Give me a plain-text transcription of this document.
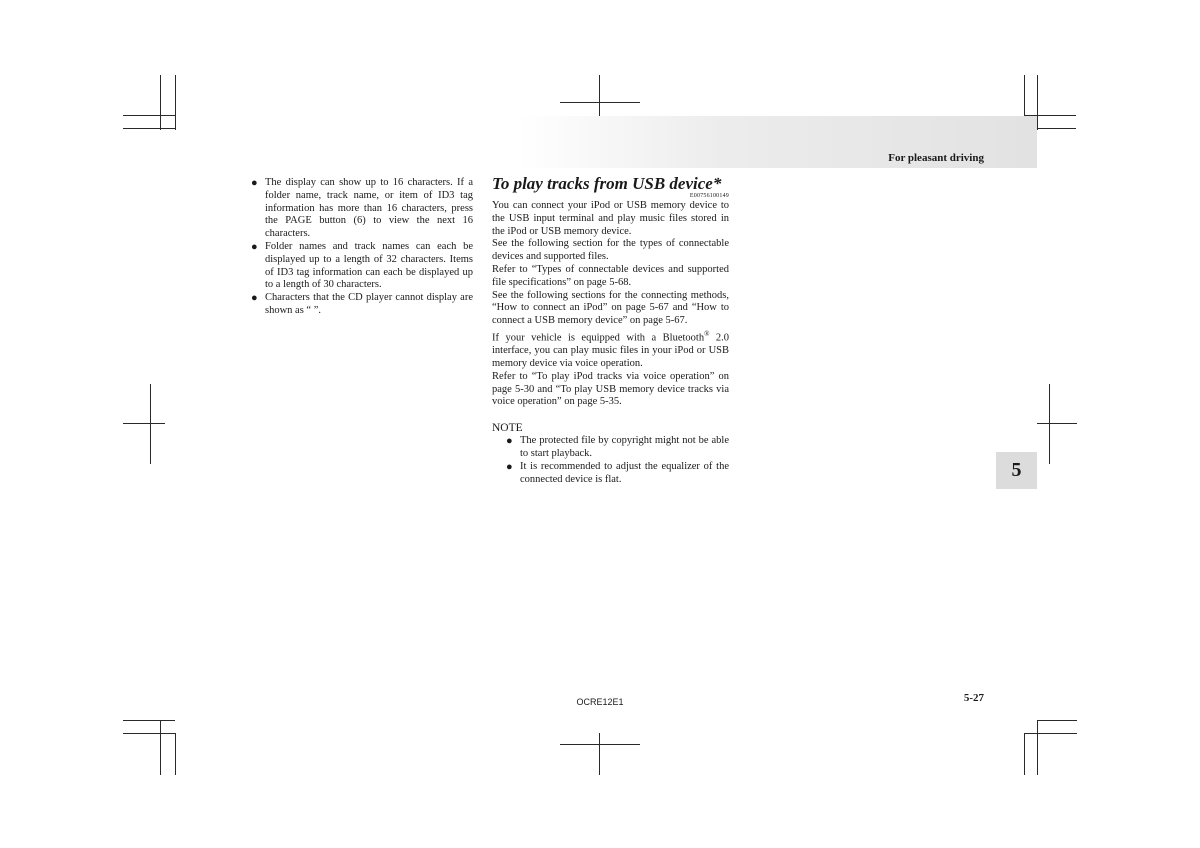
For pleasant driving
● The display can show up to 16 characters. If a folder name, track name, or item of ID3 tag information has more than 16 characters, press the PAGE button (6) to view the next 16 characters.
● Folder names and track names can each be displayed up to a length of 32 characters. Items of ID3 tag information can each be displayed up to a length of 30 characters.
● Characters that the CD player cannot display are shown as “ ”.
To play tracks from USB device*
E00756100149

You can connect your iPod or USB memory device to the USB input terminal and play music files stored in the iPod or USB memory device.

See the following section for the types of connectable devices and supported files.

Refer to “Types of connectable devices and supported file specifications” on page 5-68.

See the following sections for the connecting methods, “How to connect an iPod” on page 5-67 and “How to connect a USB memory device” on page 5-67.

If your vehicle is equipped with a Bluetooth® 2.0 interface, you can play music files in your iPod or USB memory device via voice operation.

Refer to “To play iPod tracks via voice operation” on page 5-30 and “To play USB memory device tracks via voice operation” on page 5-35.

NOTE
● The protected file by copyright might not be able to start playback.
● It is recommended to adjust the equalizer of the connected device is flat.	5
OCRE12E1	5-27
